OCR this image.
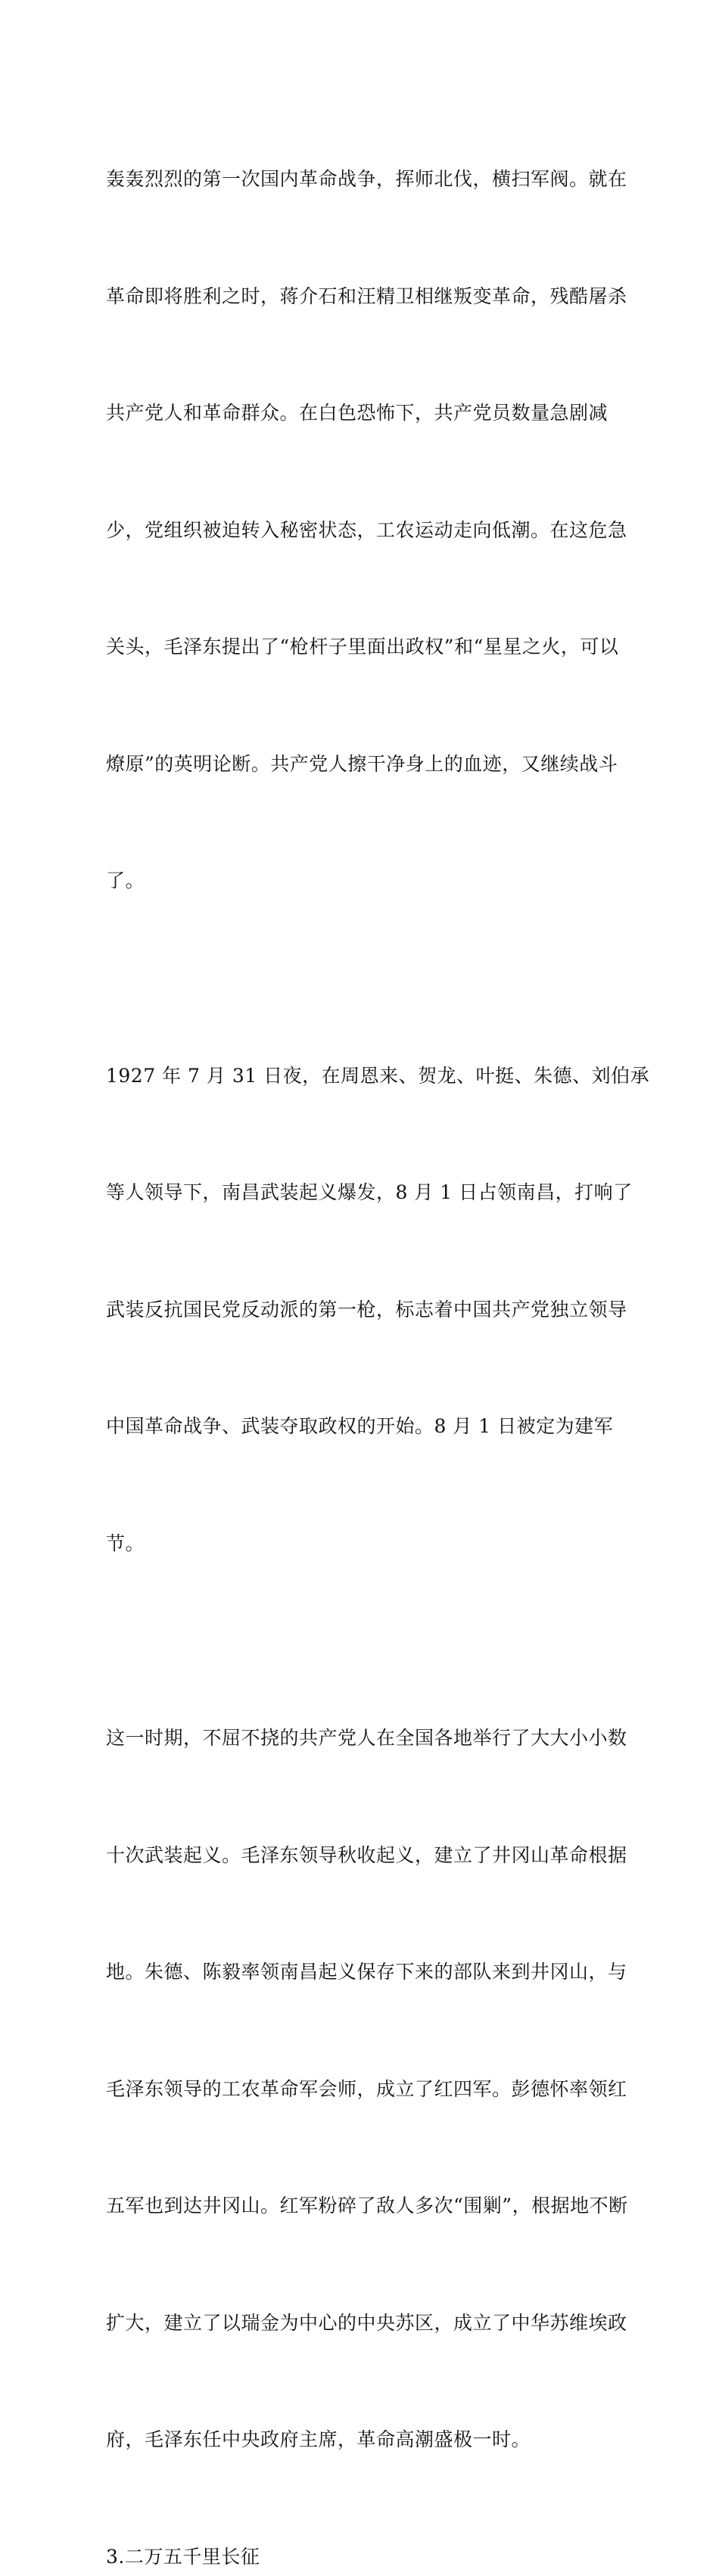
轰轰烈烈的第一次国内革命战争，挥师北伐，横扫军阀。就在

革命即将胜利之时，蒋介石和汪精卫相继叛变革命，残酷屠杀

共产党人和革命群众。在白色恐怖下，共产党员数量急剧减

少，党组织被迫转入秘密状态，工农运动走向低潮。在这危急

关头，毛泽东提出了“枪杆子里面出政权”和“星星之火，可以

燎原”的英明论断。共产党人擦干净身上的血迹，又继续战斗

了。

1927 年 7 月 31 日夜，在周恩来、贺龙、叶挺、朱德、刘伯承

等人领导下，南昌武装起义爆发，8 月 1 日占领南昌，打响了

武装反抗国民党反动派的第一枪，标志着中国共产党独立领导

中国革命战争、武装夺取政权的开始。8 月 1 日被定为建军

节。

这一时期，不屈不挠的共产党人在全国各地举行了大大小小数

十次武装起义。毛泽东领导秋收起义，建立了井冈山革命根据

地。朱德、陈毅率领南昌起义保存下来的部队来到井冈山，与

毛泽东领导的工农革命军会师，成立了红四军。彭德怀率领红

五军也到达井冈山。红军粉碎了敌人多次“围剿”，根据地不断

扩大，建立了以瑞金为中心的中央苏区，成立了中华苏维埃政

府，毛泽东任中央政府主席，革命高潮盛极一时。

3.二万五千里长征
